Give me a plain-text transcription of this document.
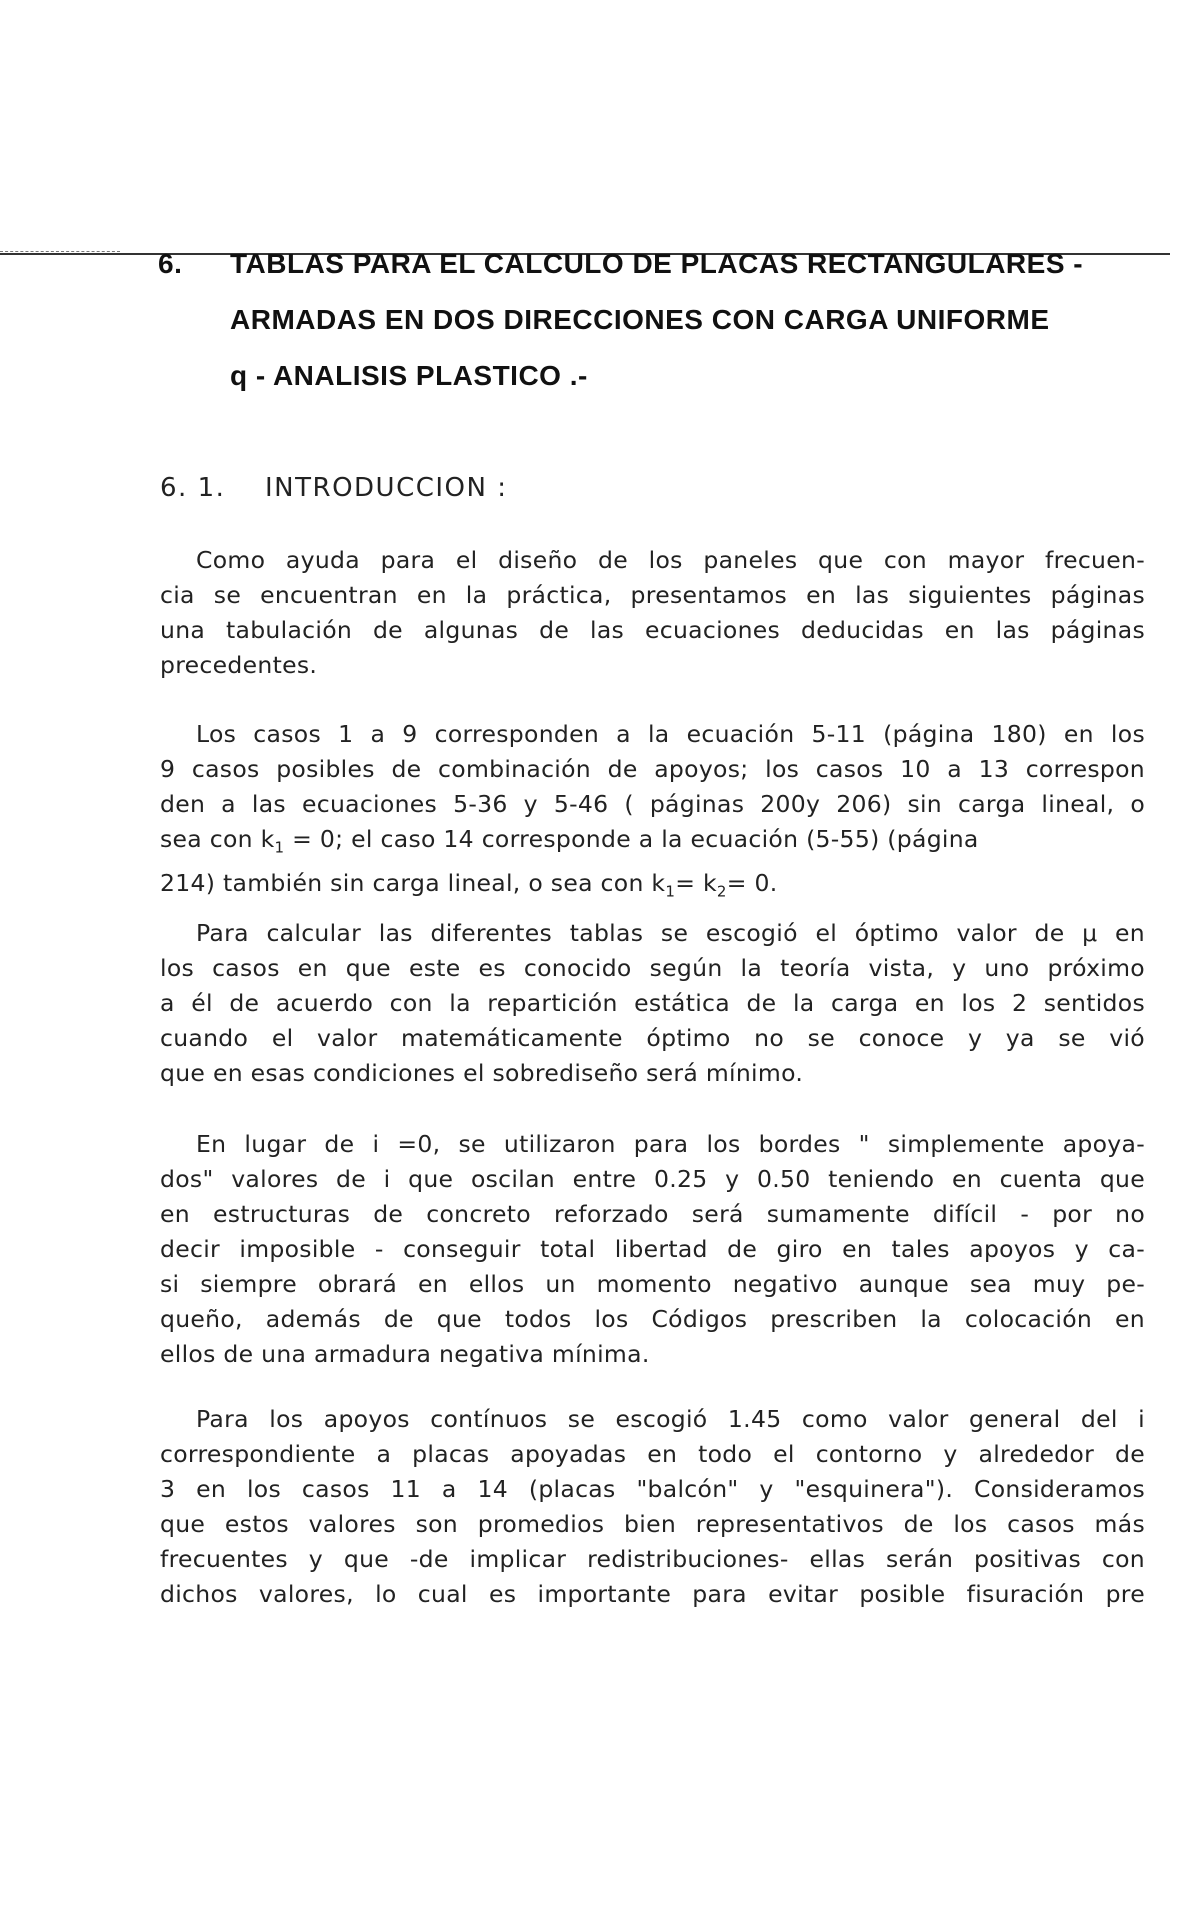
6. TABLAS PARA EL CALCULO DE PLACAS RECTANGULARES -
ARMADAS EN DOS DIRECCIONES CON CARGA UNIFORME
q - ANALISIS PLASTICO .-
6. 1. INTRODUCCION :
Como ayuda para el diseño de los paneles que con mayor frecuen-
cia se encuentran en la práctica, presentamos en las siguientes páginas
una tabulación de algunas de las ecuaciones deducidas en las páginas
precedentes.
Los casos 1 a 9 corresponden a la ecuación 5-11 (página 180) en los
9 casos posibles de combinación de apoyos; los casos 10 a 13 correspon
den a las ecuaciones 5-36 y 5-46 ( páginas 200y 206) sin carga lineal, o
sea con $k_1 = 0$; el caso 14 corresponde a la ecuación (5-55) (página
214) también sin carga lineal, o sea con $k_1= k_2= 0$.
Para calcular las diferentes tablas se escogió el óptimo valor de μ en
los casos en que este es conocido según la teoría vista, y uno próximo
a él de acuerdo con la repartición estática de la carga en los 2 sentidos
cuando el valor matemáticamente óptimo no se conoce y ya se vió
que en esas condiciones el sobrediseño será mínimo.
En lugar de i =0, se utilizaron para los bordes " simplemente apoya-
dos" valores de i que oscilan entre 0.25 y 0.50 teniendo en cuenta que
en estructuras de concreto reforzado será sumamente difícil - por no
decir imposible - conseguir total libertad de giro en tales apoyos y ca-
si siempre obrará en ellos un momento negativo aunque sea muy pe-
queño, además de que todos los Códigos prescriben la colocación en
ellos de una armadura negativa mínima.
Para los apoyos contínuos se escogió 1.45 como valor general del i
correspondiente a placas apoyadas en todo el contorno y alrededor de
3 en los casos 11 a 14 (placas "balcón" y "esquinera"). Consideramos
que estos valores son promedios bien representativos de los casos más
frecuentes y que -de implicar redistribuciones- ellas serán positivas con
dichos valores, lo cual es importante para evitar posible fisuración pre
